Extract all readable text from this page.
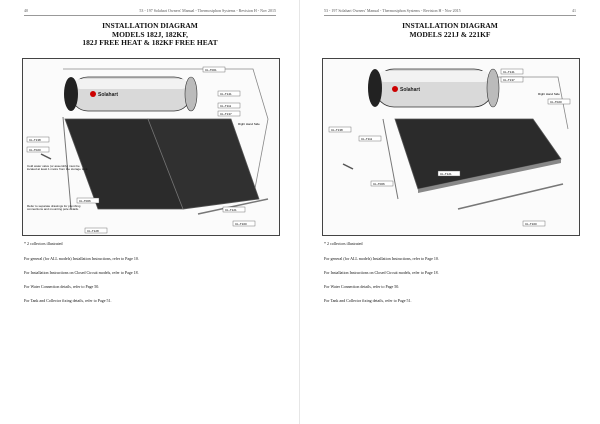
40	53 - 197 Solahart Owners' Manual - Thermosiphon Systems - Revision H - Nov 2015
INSTALLATION DIAGRAM
MODELS 182J, 182KF,
182J FREE HEAT & 182KF FREE HEAT
Solahart
CL-T001
CL-T141
CL-T111
CL-T137
CL-T138
CL-T020
CL-T006
CL-T121
CL-T100
CL-T128
Right Hand Side
Cold water valve (or assembly) must be located at least 1 metre from the storage tank.
Refer to separate drawings for plumbing connections and mounting pole details.
* 2 collectors illustrated
For general (for ALL models) Installation Instructions, refer to Page 10.
For Installation Instructions on Closed Circuit models, refer to Page 18.
For Water Connection details, refer to Page 50.
For Tank and Collector fixing details, refer to Page 51.
53 - 197 Solahart Owners' Manual - Thermosiphon Systems - Revision H - Nov 2015	41
INSTALLATION DIAGRAM
MODELS 221J & 221KF
Solahart
CL-T141
CL-T137
CL-T020
CL-T138
CL-T111
CL-T006
CL-T121
CL-T100
Right Hand Side
* 2 collectors illustrated
For general (for ALL models) Installation Instructions, refer to Page 10.
For Installation Instructions on Closed Circuit models, refer to Page 18.
For Water Connection details, refer to Page 50.
For Tank and Collector fixing details, refer to Page 51.
